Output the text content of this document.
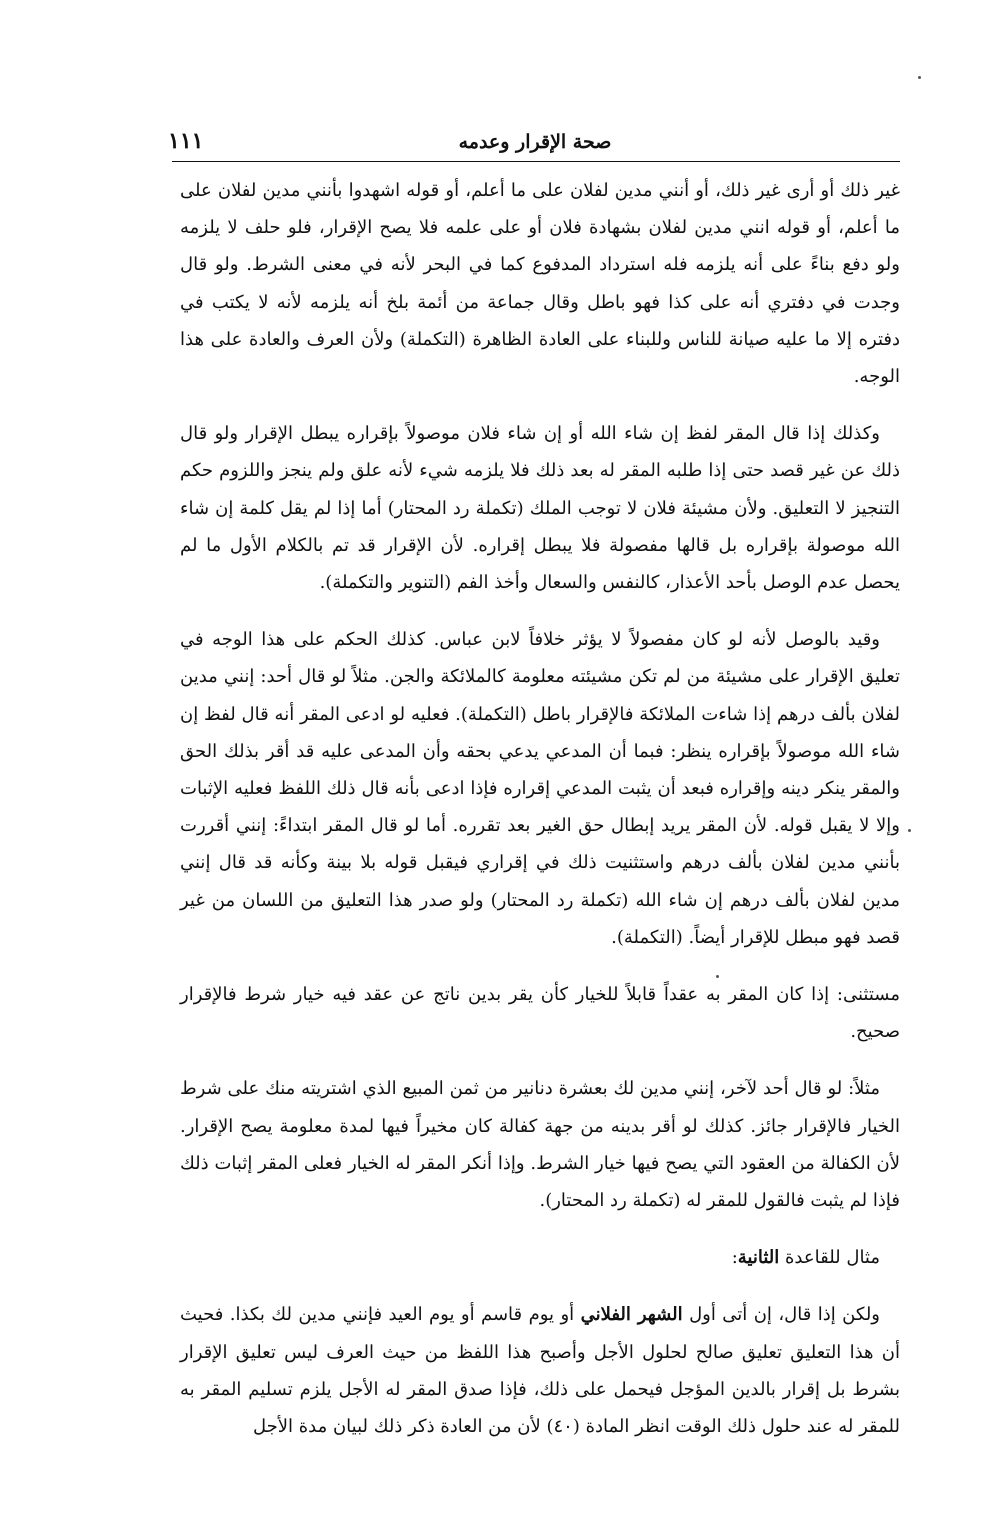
صحة الإقرار وعدمه
١١١

غير ذلك أو أرى غير ذلك، أو أنني مدين لفلان على ما أعلم، أو قوله اشهدوا بأنني مدين لفلان على ما أعلم، أو قوله انني مدين لفلان بشهادة فلان أو على علمه فلا يصح الإقرار، فلو حلف لا يلزمه ولو دفع بناءً على أنه يلزمه فله استرداد المدفوع كما في البحر لأنه في معنى الشرط. ولو قال وجدت في دفتري أنه على كذا فهو باطل وقال جماعة من أئمة بلخ أنه يلزمه لأنه لا يكتب في دفتره إلا ما عليه صيانة للناس وللبناء على العادة الظاهرة (التكملة) ولأن العرف والعادة على هذا الوجه.

وكذلك إذا قال المقر لفظ إن شاء الله أو إن شاء فلان موصولاً بإقراره يبطل الإقرار ولو قال ذلك عن غير قصد حتى إذا طلبه المقر له بعد ذلك فلا يلزمه شيء لأنه علق ولم ينجز واللزوم حكم التنجيز لا التعليق. ولأن مشيئة فلان لا توجب الملك (تكملة رد المحتار) أما إذا لم يقل كلمة إن شاء الله موصولة بإقراره بل قالها مفصولة فلا يبطل إقراره. لأن الإقرار قد تم بالكلام الأول ما لم يحصل عدم الوصل بأحد الأعذار، كالنفس والسعال وأخذ الفم (التنوير والتكملة).

وقيد بالوصل لأنه لو كان مفصولاً لا يؤثر خلافاً لابن عباس. كذلك الحكم على هذا الوجه في تعليق الإقرار على مشيئة من لم تكن مشيئته معلومة كالملائكة والجن. مثلاً لو قال أحد: إنني مدين لفلان بألف درهم إذا شاءت الملائكة فالإقرار باطل (التكملة). فعليه لو ادعى المقر أنه قال لفظ إن شاء الله موصولاً بإقراره ينظر: فبما أن المدعي يدعي بحقه وأن المدعى عليه قد أقر بذلك الحق والمقر ينكر دينه وإقراره فبعد أن يثبت المدعي إقراره فإذا ادعى بأنه قال ذلك اللفظ فعليه الإثبات وإلا لا يقبل قوله. لأن المقر يريد إبطال حق الغير بعد تقرره. أما لو قال المقر ابتداءً: إنني أقررت بأنني مدين لفلان بألف درهم واستثنيت ذلك في إقراري فيقبل قوله بلا بينة وكأنه قد قال إنني مدين لفلان بألف درهم إن شاء الله (تكملة رد المحتار) ولو صدر هذا التعليق من اللسان من غير قصد فهو مبطل للإقرار أيضاً. (التكملة).

مستثنى: إذا كان المقر به عقداً قابلاً للخيار كأن يقر بدين ناتج عن عقد فيه خيار شرط فالإقرار صحيح.

مثلاً: لو قال أحد لآخر، إنني مدين لك بعشرة دنانير من ثمن المبيع الذي اشتريته منك على شرط الخيار فالإقرار جائز. كذلك لو أقر بدينه من جهة كفالة كان مخيراً فيها لمدة معلومة يصح الإقرار. لأن الكفالة من العقود التي يصح فيها خيار الشرط. وإذا أنكر المقر له الخيار فعلى المقر إثبات ذلك فإذا لم يثبت فالقول للمقر له (تكملة رد المحتار).

مثال للقاعدة الثانية:

ولكن إذا قال، إن أتى أول الشهر الفلاني أو يوم قاسم أو يوم العيد فإنني مدين لك بكذا. فحيث أن هذا التعليق تعليق صالح لحلول الأجل وأصبح هذا اللفظ من حيث العرف ليس تعليق الإقرار بشرط بل إقرار بالدين المؤجل فيحمل على ذلك، فإذا صدق المقر له الأجل يلزم تسليم المقر به للمقر له عند حلول ذلك الوقت انظر المادة (٤٠) لأن من العادة ذكر ذلك لبيان مدة الأجل
